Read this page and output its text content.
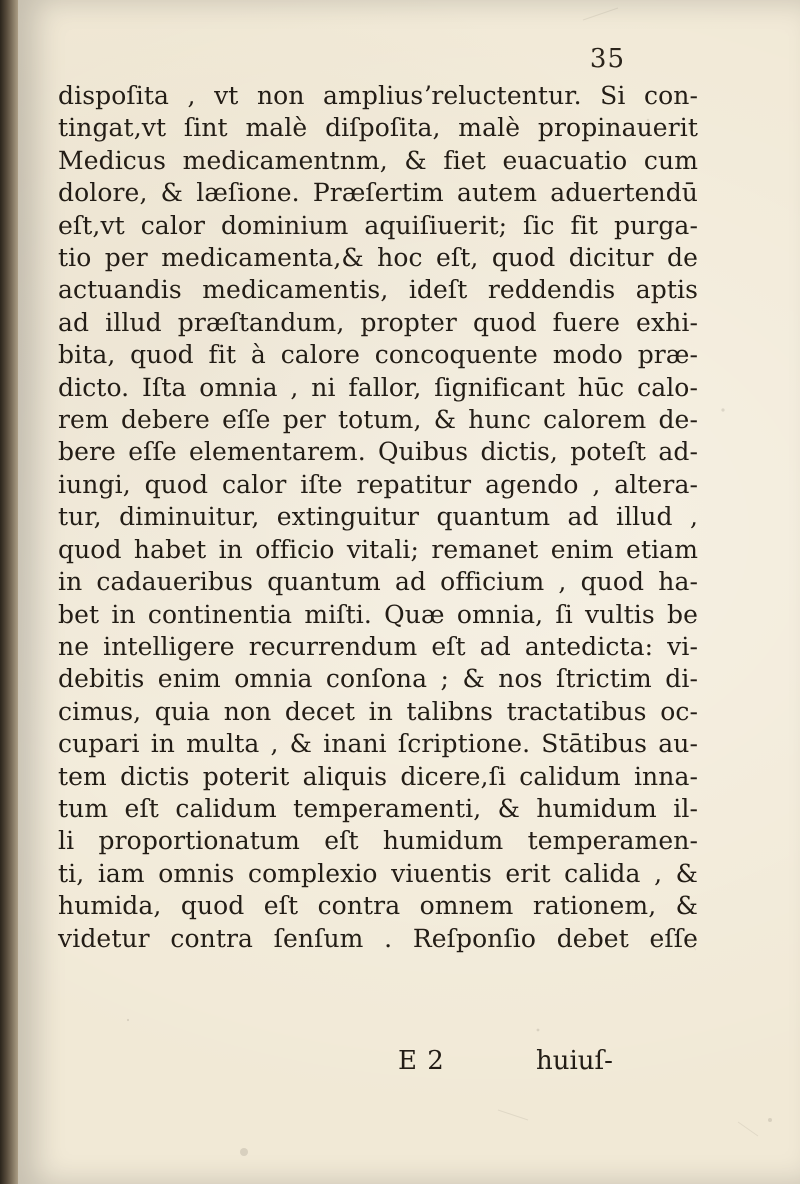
35
dispoſita , vt non ampliusʼreluctentur. Si con-
tingat,vt ſint malè diſpoſita, malè propinauerit
Medicus medicamentnm, & fiet euacuatio cum
dolore, & læſione. Præſertim autem aduertendū
eſt,vt calor dominium aquiſiuerit; ſic fit purga-
tio per medicamenta,& hoc eſt, quod dicitur de
actuandis medicamentis, ideſt reddendis aptis
ad illud præſtandum, propter quod fuere exhi-
bita, quod fit à calore concoquente modo præ-
dicto. Iſta omnia , ni fallor, ſignificant hūc calo-
rem debere eſſe per totum, & hunc calorem de-
bere eſſe elementarem. Quibus dictis, poteſt ad-
iungi, quod calor iſte repatitur agendo , altera-
tur, diminuitur, extinguitur quantum ad illud ,
quod habet in officio vitali; remanet enim etiam
in cadaueribus quantum ad officium , quod ha-
bet in continentia miſti. Quæ omnia, ſi vultis be
ne intelligere recurrendum eſt ad antedicta: vi-
debitis enim omnia conſona ; & nos ſtrictim di-
cimus, quia non decet in talibns tractatibus oc-
cupari in multa , & inani ſcriptione. Stātibus au-
tem dictis poterit aliquis dicere,ſi calidum inna-
tum eſt calidum temperamenti, & humidum il-
li proportionatum eſt humidum temperamen-
ti, iam omnis complexio viuentis erit calida , &
humida, quod eſt contra omnem rationem, &
videtur contra ſenſum . Reſponſio debet eſſe
E 2	huiuſ-
